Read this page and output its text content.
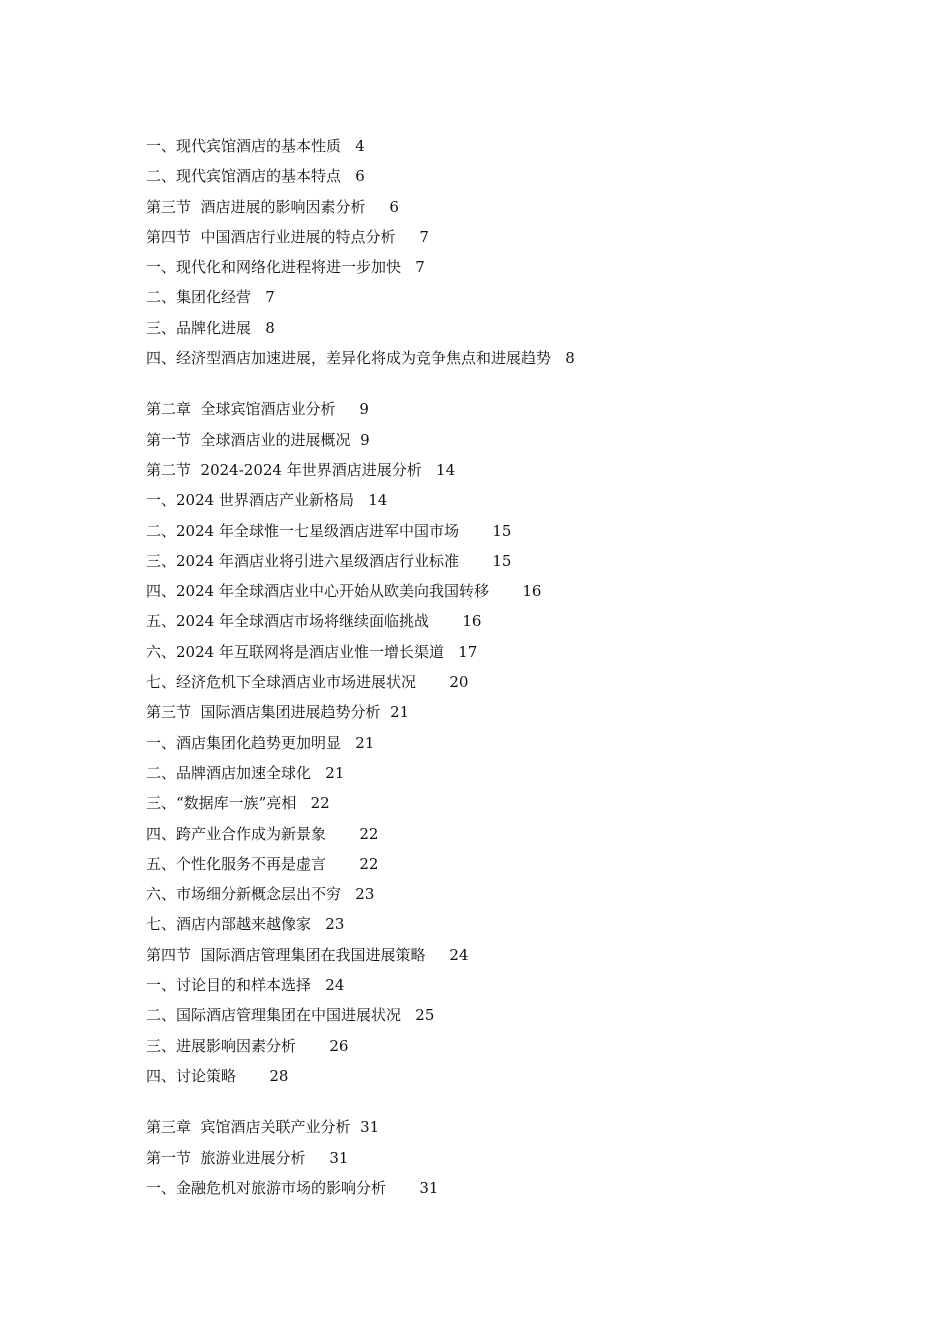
一、现代宾馆酒店的基本性质   4
二、现代宾馆酒店的基本特点   6
第三节  酒店进展的影响因素分析     6
第四节  中国酒店行业进展的特点分析     7
一、现代化和网络化进程将进一步加快   7
二、集团化经营   7
三、品牌化进展   8
四、经济型酒店加速进展，差异化将成为竞争焦点和进展趋势   8
第二章  全球宾馆酒店业分析     9
第一节  全球酒店业的进展概况  9
第二节  2024-2024 年世界酒店进展分析   14
一、2024 世界酒店产业新格局   14
二、2024 年全球惟一七星级酒店进军中国市场       15
三、2024 年酒店业将引进六星级酒店行业标准       15
四、2024 年全球酒店业中心开始从欧美向我国转移       16
五、2024 年全球酒店市场将继续面临挑战       16
六、2024 年互联网将是酒店业惟一增长渠道   17
七、经济危机下全球酒店业市场进展状况       20
第三节  国际酒店集团进展趋势分析  21
一、酒店集团化趋势更加明显   21
二、品牌酒店加速全球化   21
三、“数据库一族”亮相   22
四、跨产业合作成为新景象       22
五、个性化服务不再是虚言       22
六、市场细分新概念层出不穷   23
七、酒店内部越来越像家   23
第四节  国际酒店管理集团在我国进展策略     24
一、讨论目的和样本选择   24
二、国际酒店管理集团在中国进展状况   25
三、进展影响因素分析       26
四、讨论策略       28
第三章  宾馆酒店关联产业分析  31
第一节  旅游业进展分析     31
一、金融危机对旅游市场的影响分析       31
